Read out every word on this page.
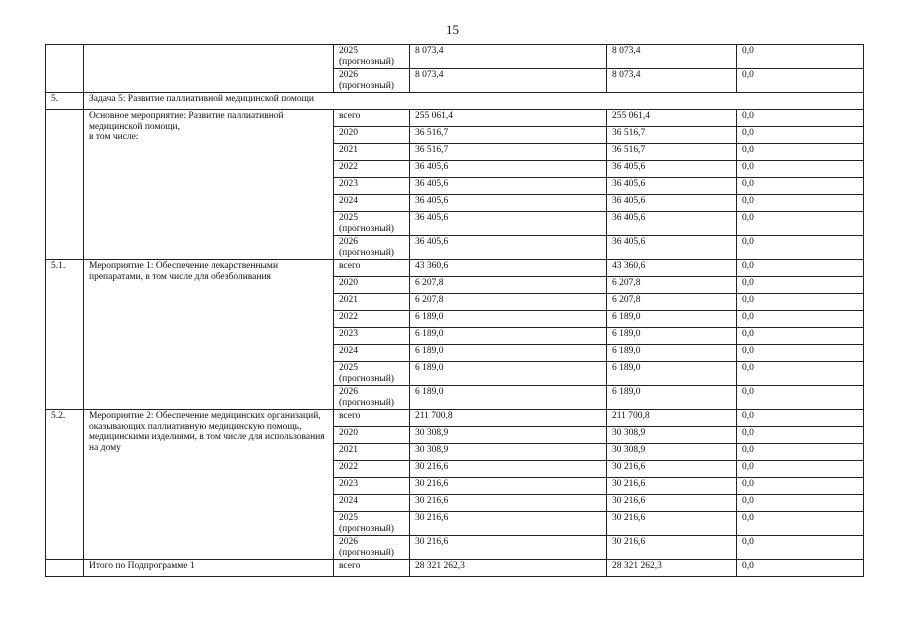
15
		2025
(прогнозный)	8 073,4	8 073,4	0,0
		2026
(прогнозный)	8 073,4	8 073,4	0,0
5.	Задача 5: Развитие паллиативной медицинской помощи				
	Основное мероприятие: Развитие паллиативной медицинской помощи,
в том числе:	всего	255 061,4	255 061,4	0,0
		2020	36 516,7	36 516,7	0,0
		2021	36 516,7	36 516,7	0,0
		2022	36 405,6	36 405,6	0,0
		2023	36 405,6	36 405,6	0,0
		2024	36 405,6	36 405,6	0,0
		2025
(прогнозный)	36 405,6	36 405,6	0,0
		2026
(прогнозный)	36 405,6	36 405,6	0,0
5.1.	Мероприятие 1: Обеспечение лекарственными препаратами, в том числе для обезболивания	всего	43 360,6	43 360,6	0,0
		2020	6 207,8	6 207,8	0,0
		2021	6 207,8	6 207,8	0,0
		2022	6 189,0	6 189,0	0,0
		2023	6 189,0	6 189,0	0,0
		2024	6 189,0	6 189,0	0,0
		2025
(прогнозный)	6 189,0	6 189,0	0,0
		2026
(прогнозный)	6 189,0	6 189,0	0,0
5.2.	Мероприятие 2: Обеспечение медицинских организаций, оказывающих паллиативную медицинскую помощь, медицинскими изделиями, в том числе для использования на дому	всего	211 700,8	211 700,8	0,0
		2020	30 308,9	30 308,9	0,0
		2021	30 308,9	30 308,9	0,0
		2022	30 216,6	30 216,6	0,0
		2023	30 216,6	30 216,6	0,0
		2024	30 216,6	30 216,6	0,0
		2025
(прогнозный)	30 216,6	30 216,6	0,0
		2026
(прогнозный)	30 216,6	30 216,6	0,0
	Итого по Подпрограмме 1	всего	28 321 262,3	28 321 262,3	0,0
